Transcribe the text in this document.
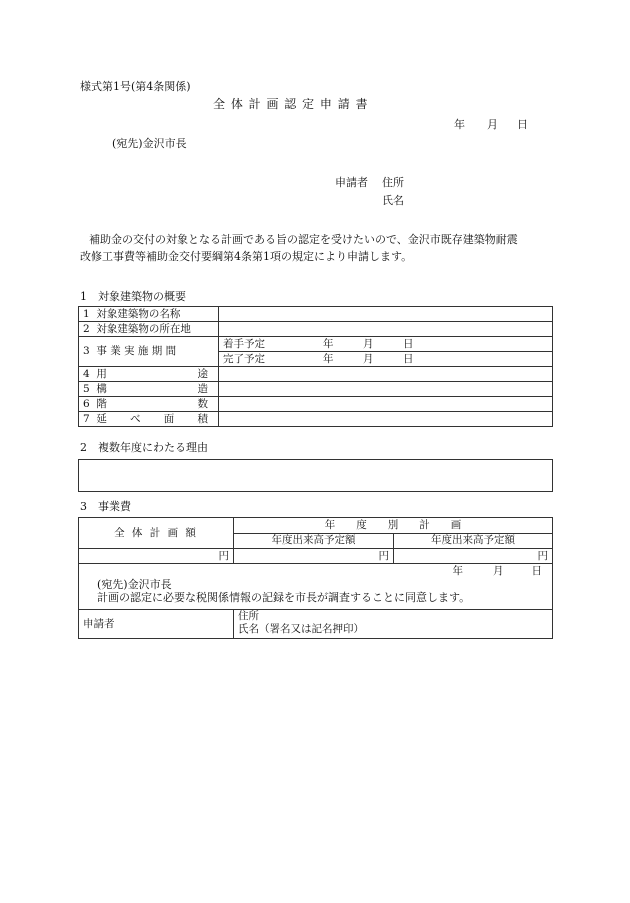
様式第1号(第4条関係)
全 体 計 画 認 定 申 請 書
年 月 日
(宛先)金沢市長
申請者 住所
氏名
補助金の交付の対象となる計画である旨の認定を受けたいので、金沢市既存建築物耐震
改修工事費等補助金交付要綱第4条第1項の規定により申請します。
1　対象建築物の概要
1 対象建築物の名称	
2 対象建築物の所在地	
3 事 業 実 施 期 間	着手予定 年 月 日
	完了予定 年 月 日

4 用 途	

5 構 造	

6 階 数	

7 延 べ 面 積	

2　複数年度にわたる理由
3　事業費
全 体 計 画 額	年　　度　　別　　計　　画	
	年度出来高予定額	年度出来高予定額
円	円	円

年 月 日
(宛先)金沢市長
計画の認定に必要な税関係情報の記録を市長が調査することに同意します。		

申請者	住所
氏名（署名又は記名押印）	
